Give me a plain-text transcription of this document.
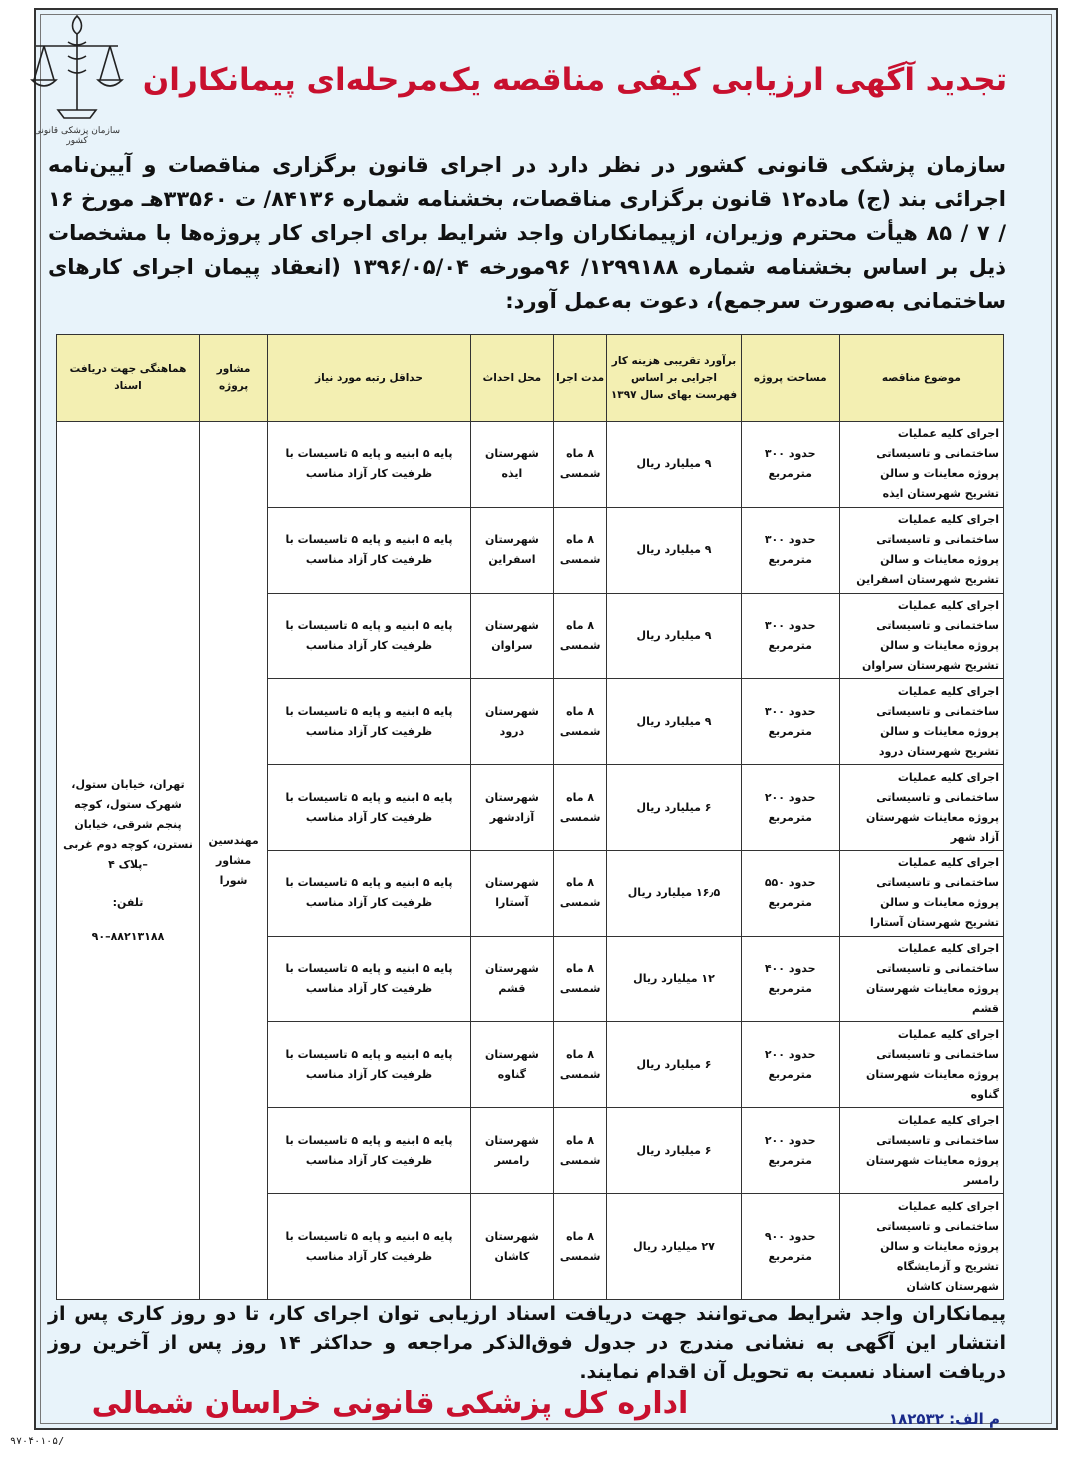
سازمان پزشکی قانونی کشور
تجدید آگهی ارزیابی کیفی مناقصه یک‌مرحله‌ای پیمانکاران
سازمان پزشکی قانونی کشور در نظر دارد در اجرای قانون برگزاری مناقصات و آیین‌نامه اجرائی بند (ج) ماده۱۲ قانون برگزاری مناقصات، بخشنامه شماره ۸۴۱۳۶/ ت ۳۳۵۶۰هـ مورخ ۱۶ / ۷ / ۸۵ هیأت محترم وزیران، ازپیمانکاران واجد شرایط برای اجرای کار پروژه‌ها با مشخصات ذیل بر اساس بخشنامه شماره ۱۲۹۹۱۸۸/ ۹۶مورخه ۱۳۹۶/۰۵/۰۴ (انعقاد پیمان اجرای کارهای ساختمانی به‌صورت سرجمع)، دعوت به‌عمل آورد:
موضوع مناقصه	مساحت پروژه	برآورد تقریبی هزینه کار اجرایی بر اساس فهرست بهای سال ۱۳۹۷	مدت اجرا	محل احداث	حداقل رتبه مورد نیاز	مشاور پروژه	هماهنگی جهت دریافت اسناد
اجرای کلیه عملیات ساختمانی و تاسیساتی پروژه معاینات و سالن تشریح شهرستان ایذه	حدود ۳۰۰ مترمربع	۹ میلیارد ریال	۸ ماه شمسی	شهرستان ایذه	پایه ۵ ابنیه و پایه ۵ تاسیسات با ظرفیت کار آزاد مناسب	مهندسین مشاور شورا	تهران، خیابان ستول، شهرک ستول، کوچه پنجم شرقی، خیابان نسترن، کوچه دوم غربی –پلاک ۴
تلفن:
۸۸۲۱۳۱۸۸–۹۰

اجرای کلیه عملیات ساختمانی و تاسیساتی پروژه معاینات و سالن تشریح شهرستان اسفراین	حدود ۳۰۰ مترمربع	۹ میلیارد ریال	۸ ماه شمسی	شهرستان اسفراین	پایه ۵ ابنیه و پایه ۵ تاسیسات با ظرفیت کار آزاد مناسب		
اجرای کلیه عملیات ساختمانی و تاسیساتی پروژه معاینات و سالن تشریح شهرستان سراوان	حدود ۳۰۰ مترمربع	۹ میلیارد ریال	۸ ماه شمسی	شهرستان سراوان	پایه ۵ ابنیه و پایه ۵ تاسیسات با ظرفیت کار آزاد مناسب		
اجرای کلیه عملیات ساختمانی و تاسیساتی پروژه معاینات و سالن تشریح شهرستان درود	حدود ۳۰۰ مترمربع	۹ میلیارد ریال	۸ ماه شمسی	شهرستان درود	پایه ۵ ابنیه و پایه ۵ تاسیسات با ظرفیت کار آزاد مناسب		
اجرای کلیه عملیات ساختمانی و تاسیساتی پروژه معاینات شهرستان آزاد شهر	حدود ۲۰۰ مترمربع	۶ میلیارد ریال	۸ ماه شمسی	شهرستان آزادشهر	پایه ۵ ابنیه و پایه ۵ تاسیسات با ظرفیت کار آزاد مناسب		
اجرای کلیه عملیات ساختمانی و تاسیساتی پروژه معاینات و سالن تشریح شهرستان آستارا	حدود ۵۵۰ مترمربع	۱۶٫۵ میلیارد ریال	۸ ماه شمسی	شهرستان آستارا	پایه ۵ ابنیه و پایه ۵ تاسیسات با ظرفیت کار آزاد مناسب		
اجرای کلیه عملیات ساختمانی و تاسیساتی پروژه معاینات شهرستان قشم	حدود ۴۰۰ مترمربع	۱۲ میلیارد ریال	۸ ماه شمسی	شهرستان قشم	پایه ۵ ابنیه و پایه ۵ تاسیسات با ظرفیت کار آزاد مناسب		
اجرای کلیه عملیات ساختمانی و تاسیساتی پروژه معاینات شهرستان گناوه	حدود ۲۰۰ مترمربع	۶ میلیارد ریال	۸ ماه شمسی	شهرستان گناوه	پایه ۵ ابنیه و پایه ۵ تاسیسات با ظرفیت کار آزاد مناسب		
اجرای کلیه عملیات ساختمانی و تاسیساتی پروژه معاینات شهرستان رامسر	حدود ۲۰۰ مترمربع	۶ میلیارد ریال	۸ ماه شمسی	شهرستان رامسر	پایه ۵ ابنیه و پایه ۵ تاسیسات با ظرفیت کار آزاد مناسب		
اجرای کلیه عملیات ساختمانی و تاسیساتی پروژه معاینات و سالن تشریح و آزمایشگاه شهرستان کاشان	حدود ۹۰۰ مترمربع	۲۷ میلیارد ریال	۸ ماه شمسی	شهرستان کاشان	پایه ۵ ابنیه و پایه ۵ تاسیسات با ظرفیت کار آزاد مناسب		
پیمانکاران واجد شرایط می‌توانند جهت دریافت اسناد ارزیابی توان اجرای کار، تا دو روز کاری پس از انتشار این آگهی به نشانی مندرج در جدول فوق‌الذکر مراجعه و حداکثر ۱۴ روز پس از آخرین روز دریافت اسناد نسبت به تحویل آن اقدام نمایند.
اداره کل پزشکی قانونی خراسان شمالی	م الف: ۱۸۲۵۳۲
۹۷۰۴۰۱۰۵/
